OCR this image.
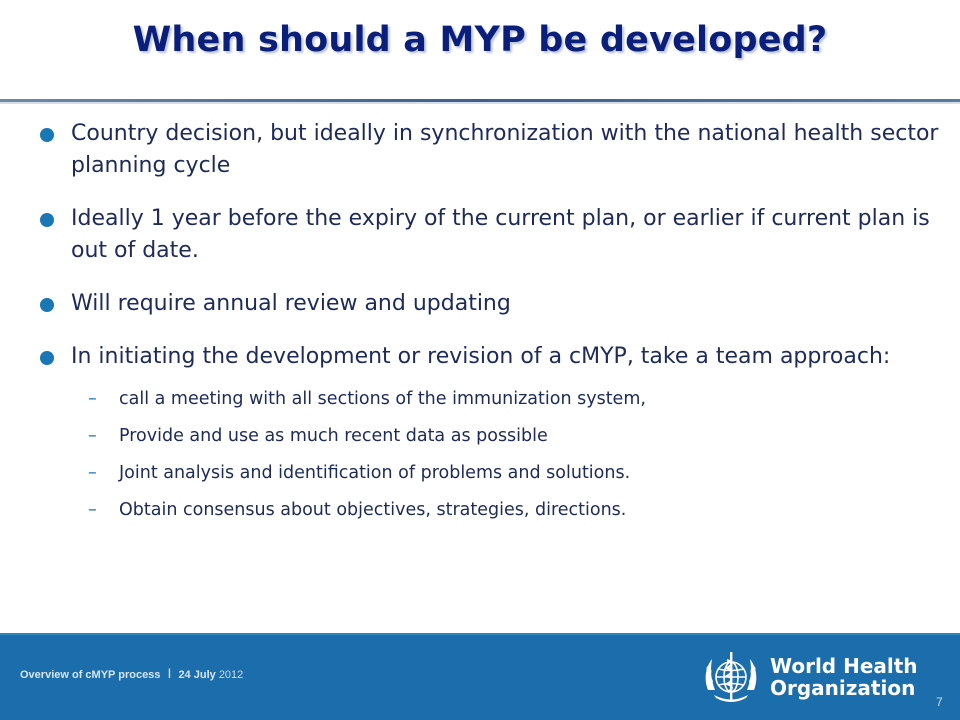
When should a MYP be developed?
Country decision, but ideally in synchronization with the national health sector planning cycle
Ideally 1 year before the expiry of the current plan, or earlier if current plan is out of date.
Will require annual review and updating
In initiating the development or revision of a cMYP, take a team approach:
– call a meeting with all sections of the immunization system,
– Provide and use as much recent data as possible
– Joint analysis and identification of problems and solutions.
– Obtain consensus about objectives, strategies, directions.
Overview of cMYP process I 24 July 2012	World Health
Organization
7
